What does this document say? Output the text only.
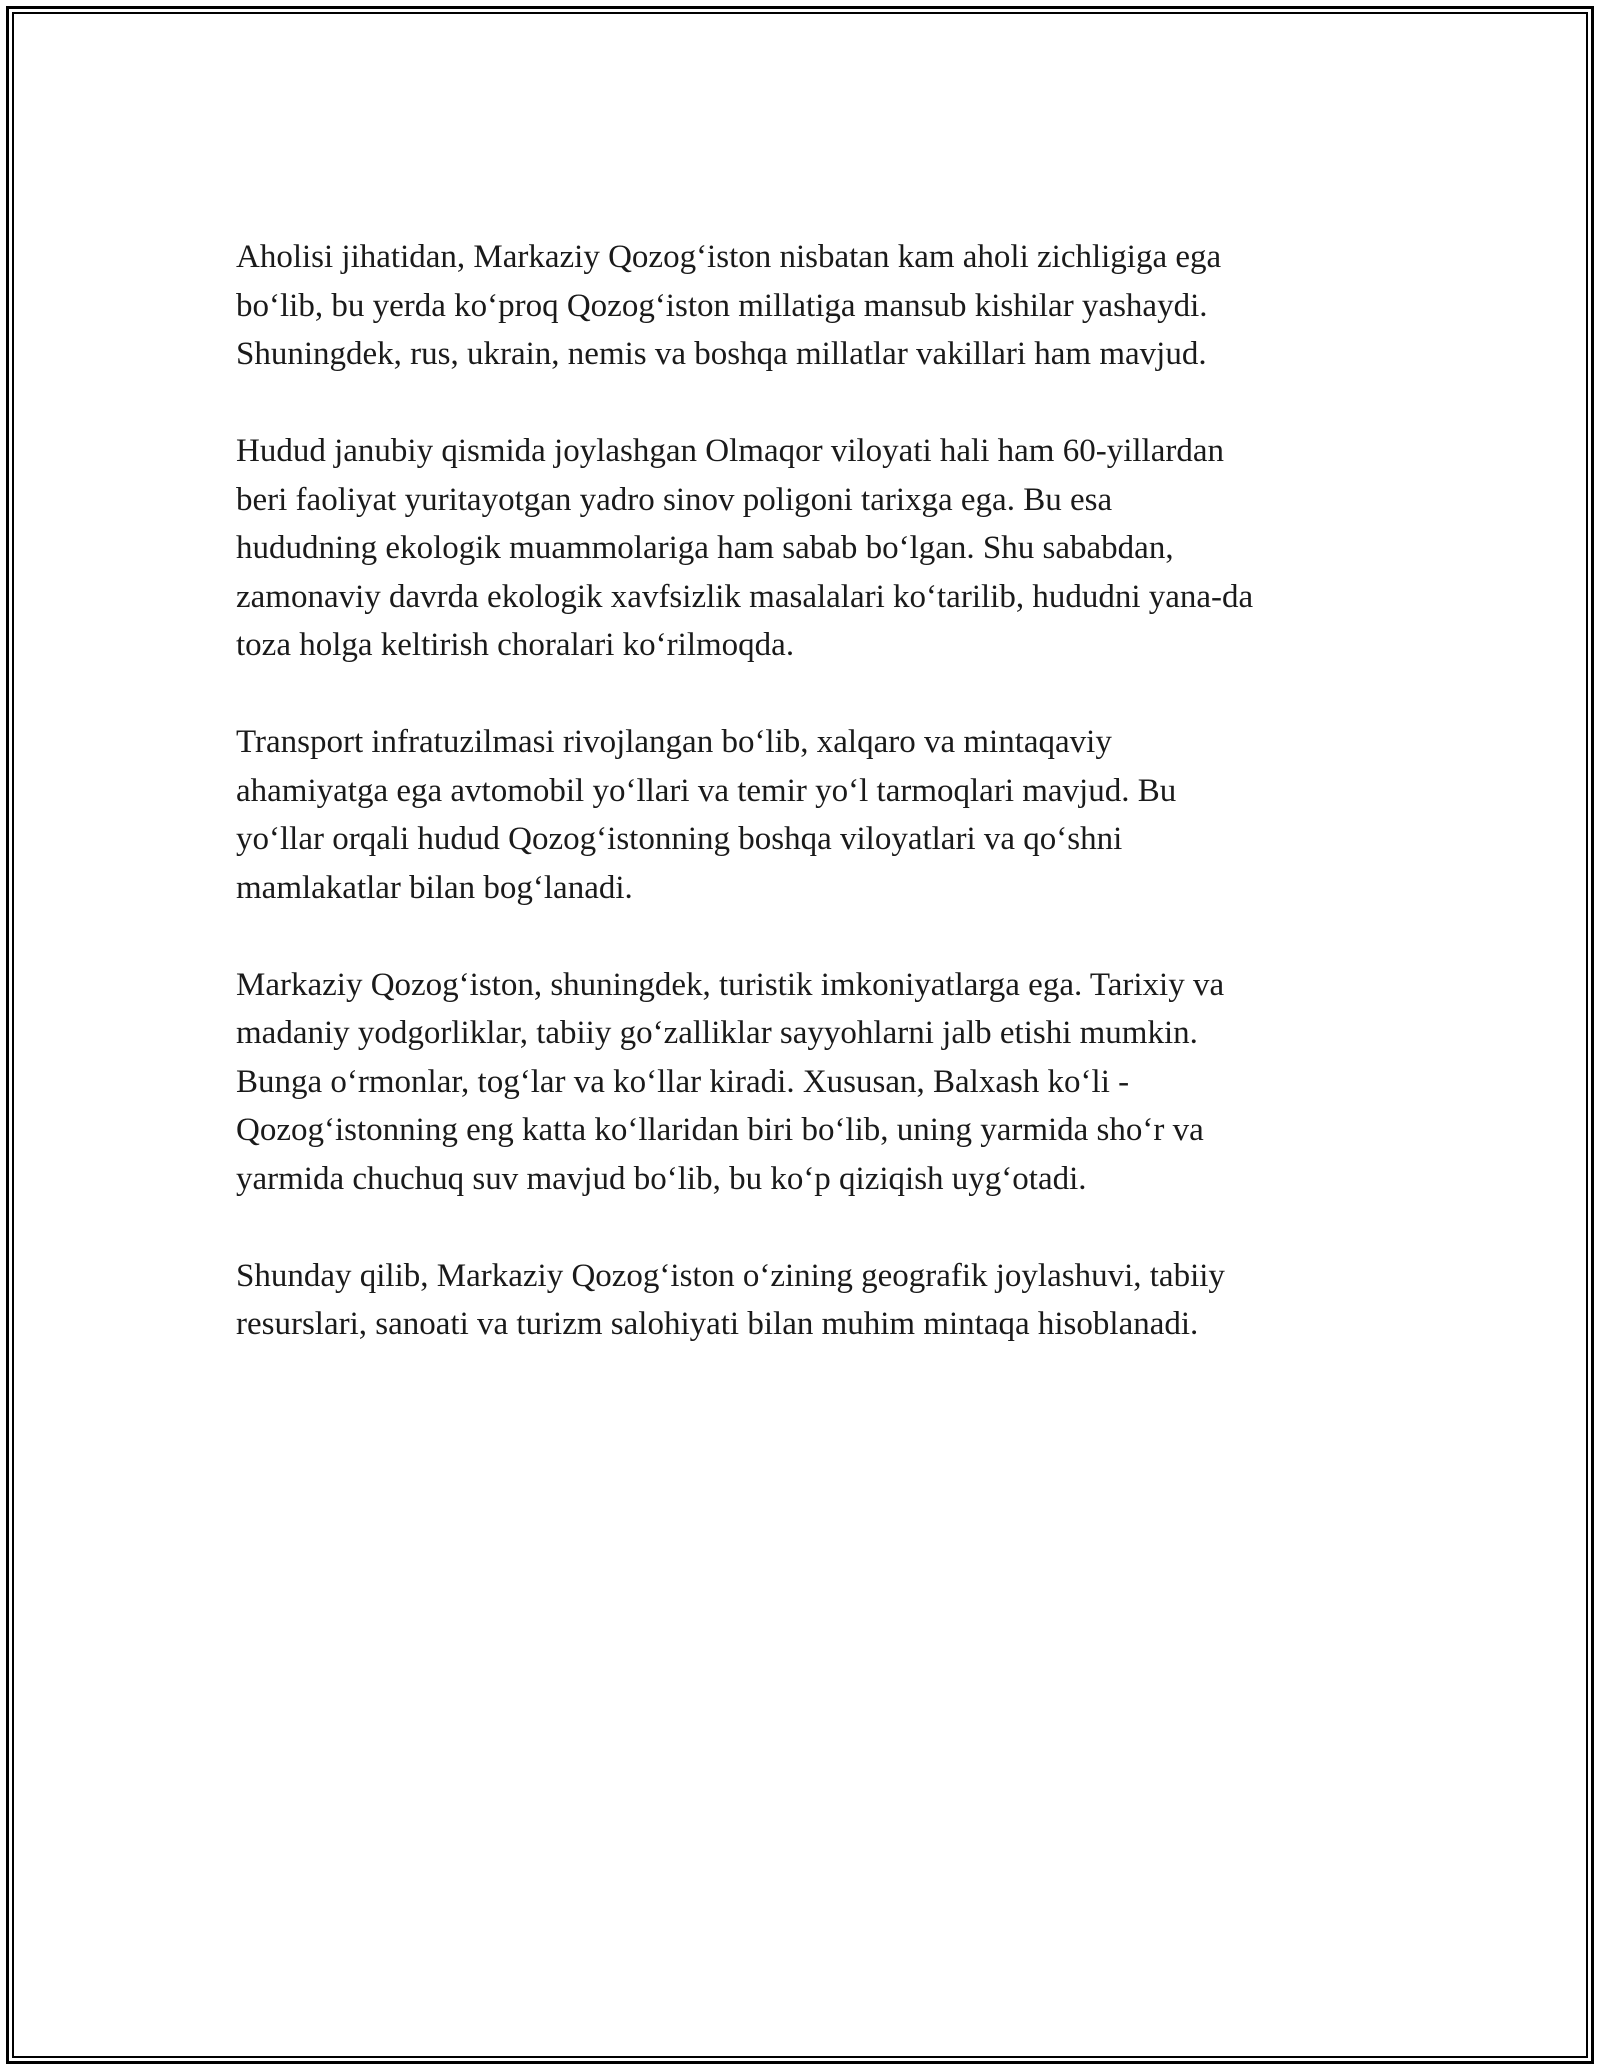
Aholisi jihatidan, Markaziy Qozog‘iston nisbatan kam aholi zichligiga ega
bo‘lib, bu yerda ko‘proq Qozog‘iston millatiga mansub kishilar yashaydi.
Shuningdek, rus, ukrain, nemis va boshqa millatlar vakillari ham mavjud.

Hudud janubiy qismida joylashgan Olmaqor viloyati hali ham 60-yillardan
beri faoliyat yuritayotgan yadro sinov poligoni tarixga ega. Bu esa
hududning ekologik muammolariga ham sabab bo‘lgan. Shu sababdan,
zamonaviy davrda ekologik xavfsizlik masalalari ko‘tarilib, hududni yana-da
toza holga keltirish choralari ko‘rilmoqda.

Transport infratuzilmasi rivojlangan bo‘lib, xalqaro va mintaqaviy
ahamiyatga ega avtomobil yo‘llari va temir yo‘l tarmoqlari mavjud. Bu
yo‘llar orqali hudud Qozog‘istonning boshqa viloyatlari va qo‘shni
mamlakatlar bilan bog‘lanadi.

Markaziy Qozog‘iston, shuningdek, turistik imkoniyatlarga ega. Tarixiy va
madaniy yodgorliklar, tabiiy go‘zalliklar sayyohlarni jalb etishi mumkin.
Bunga o‘rmonlar, tog‘lar va ko‘llar kiradi. Xususan, Balxash ko‘li -
Qozog‘istonning eng katta ko‘llaridan biri bo‘lib, uning yarmida sho‘r va
yarmida chuchuq suv mavjud bo‘lib, bu ko‘p qiziqish uyg‘otadi.

Shunday qilib, Markaziy Qozog‘iston o‘zining geografik joylashuvi, tabiiy
resurslari, sanoati va turizm salohiyati bilan muhim mintaqa hisoblanadi.
